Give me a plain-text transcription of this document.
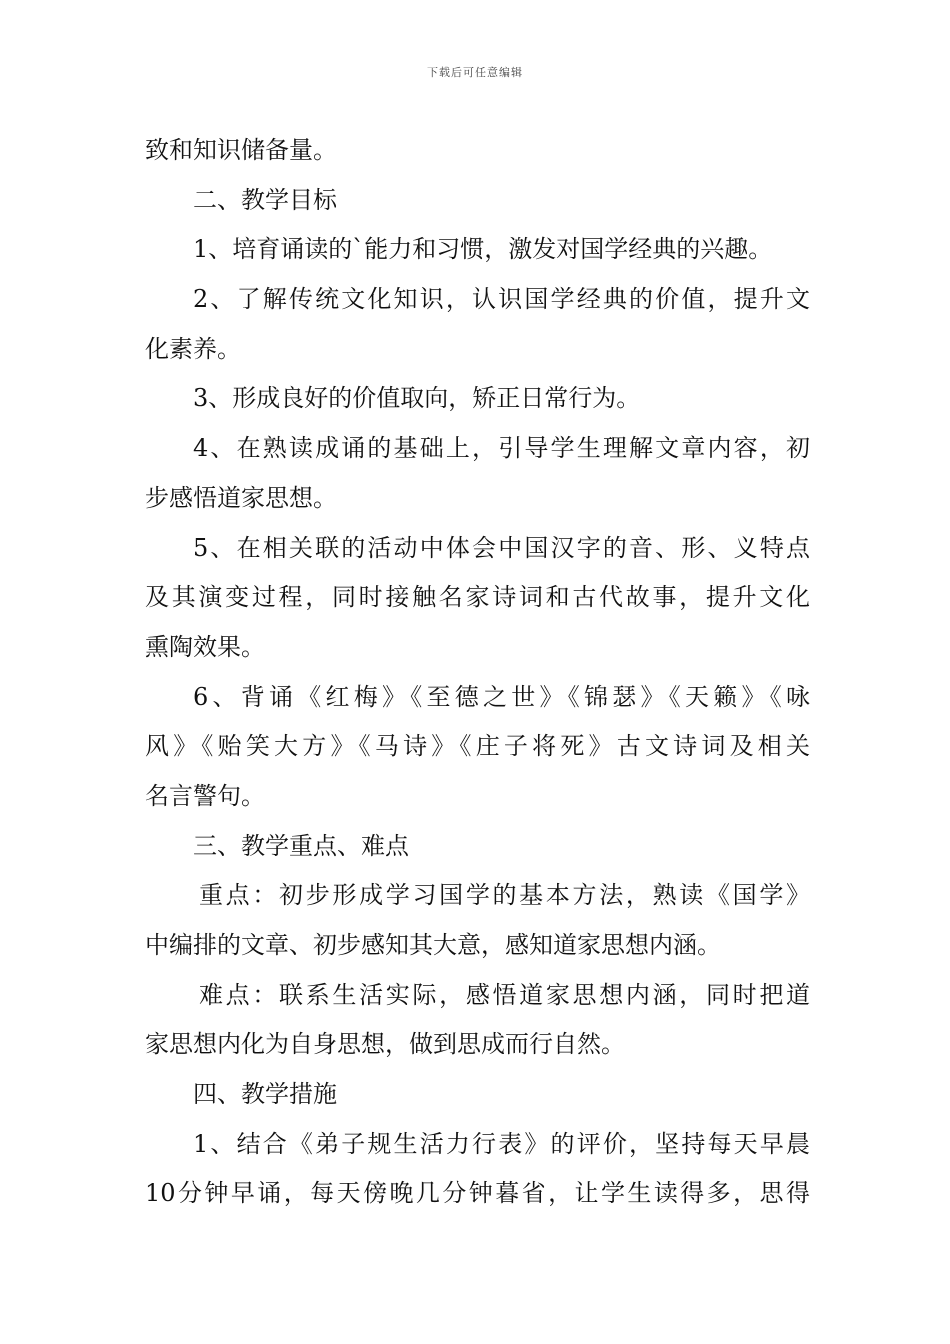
下载后可任意编辑
致和知识储备量。
二、教学目标
1、培育诵读的`能力和习惯，激发对国学经典的兴趣。
2、了解传统文化知识，认识国学经典的价值，提升文
化素养。
3、形成良好的价值取向，矫正日常行为。
4、在熟读成诵的基础上，引导学生理解文章内容，初
步感悟道家思想。
5、在相关联的活动中体会中国汉字的音、形、义特点
及其演变过程，同时接触名家诗词和古代故事，提升文化
熏陶效果。
6、背诵《红梅》《至德之世》《锦瑟》《天籁》《咏
风》《贻笑大方》《马诗》《庄子将死》古文诗词及相关
名言警句。
三、教学重点、难点
重点：初步形成学习国学的基本方法，熟读《国学》
中编排的文章、初步感知其大意，感知道家思想内涵。
难点：联系生活实际，感悟道家思想内涵，同时把道
家思想内化为自身思想，做到思成而行自然。
四、教学措施
1、结合《弟子规生活力行表》的评价，坚持每天早晨
10分钟早诵，每天傍晚几分钟暮省，让学生读得多，思得
